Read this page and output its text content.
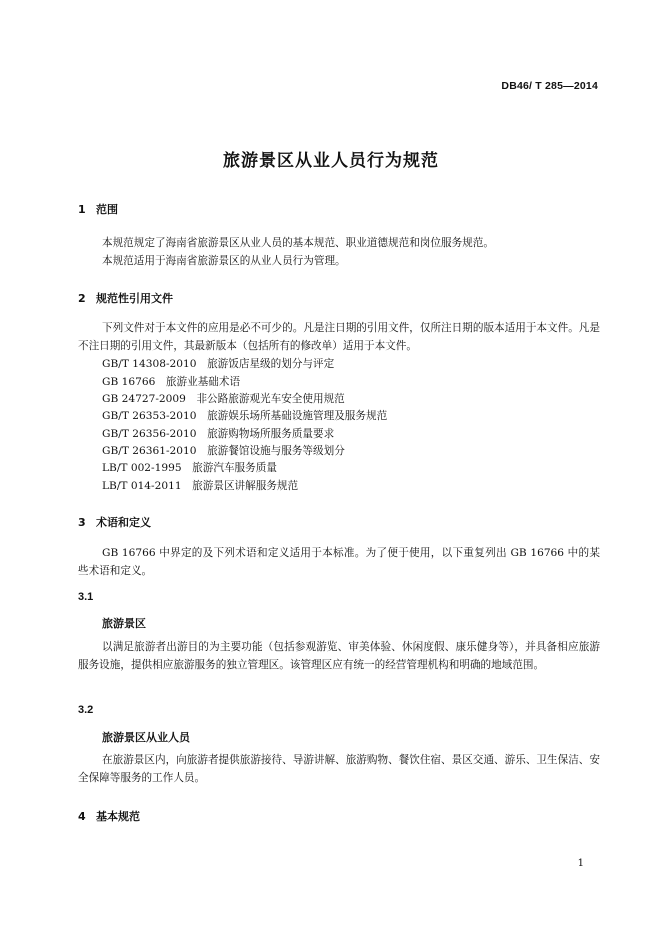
DB46/ T 285—2014
旅游景区从业人员行为规范
1 范围
本规范规定了海南省旅游景区从业人员的基本规范、职业道德规范和岗位服务规范。
本规范适用于海南省旅游景区的从业人员行为管理。
2 规范性引用文件
下列文件对于本文件的应用是必不可少的。凡是注日期的引用文件，仅所注日期的版本适用于本文件。凡是不注日期的引用文件，其最新版本（包括所有的修改单）适用于本文件。
GB/T 14308-2010　旅游饭店星级的划分与评定
GB 16766　旅游业基础术语
GB 24727-2009　非公路旅游观光车安全使用规范
GB/T 26353-2010　旅游娱乐场所基础设施管理及服务规范
GB/T 26356-2010　旅游购物场所服务质量要求
GB/T 26361-2010　旅游餐馆设施与服务等级划分
LB/T 002-1995　旅游汽车服务质量
LB/T 014-2011　旅游景区讲解服务规范
3 术语和定义
GB 16766 中界定的及下列术语和定义适用于本标准。为了便于使用，以下重复列出 GB 16766 中的某些术语和定义。
3.1
旅游景区
以满足旅游者出游目的为主要功能（包括参观游览、审美体验、休闲度假、康乐健身等），并具备相应旅游服务设施，提供相应旅游服务的独立管理区。该管理区应有统一的经营管理机构和明确的地域范围。
3.2
旅游景区从业人员
在旅游景区内，向旅游者提供旅游接待、导游讲解、旅游购物、餐饮住宿、景区交通、游乐、卫生保洁、安全保障等服务的工作人员。
4 基本规范
1
